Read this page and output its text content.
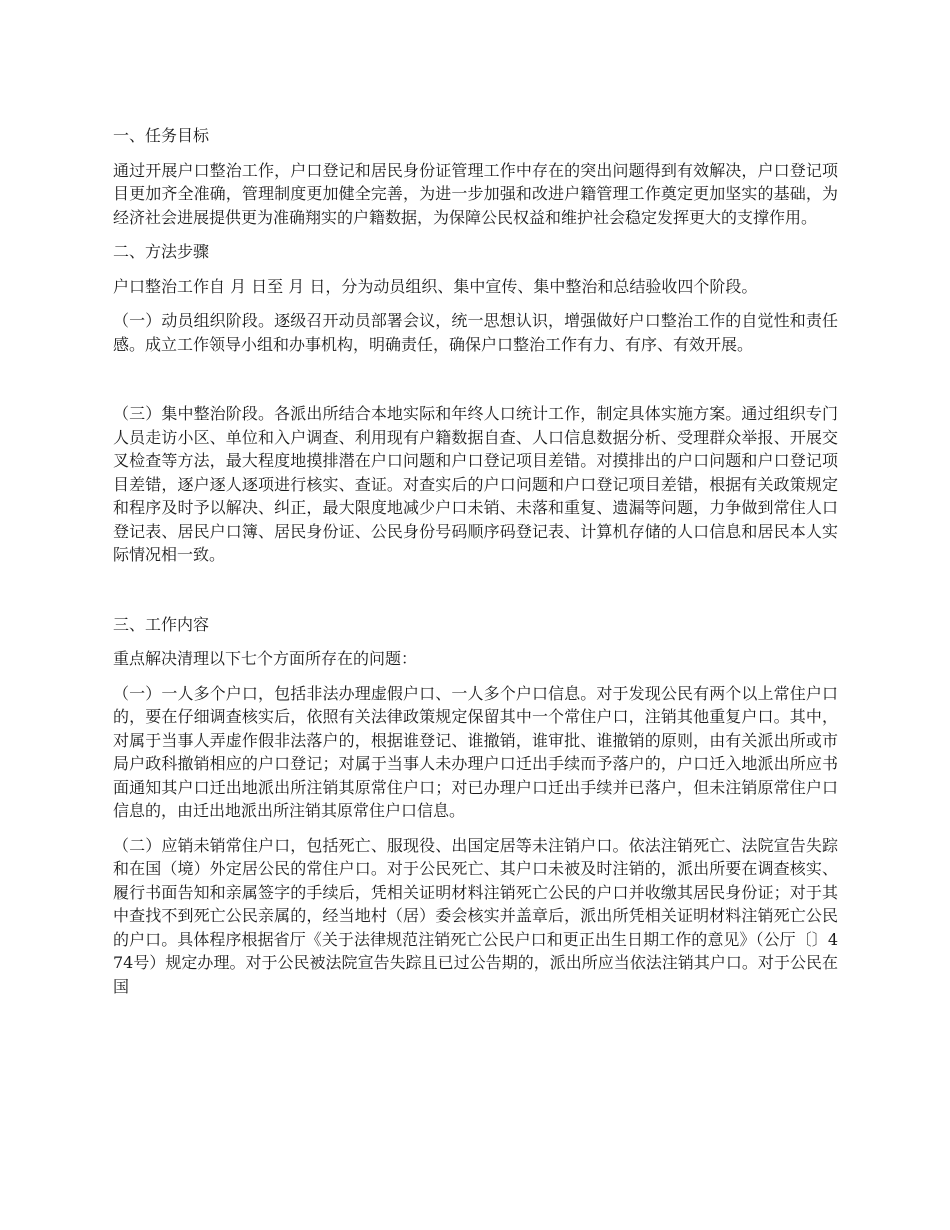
一、任务目标

通过开展户口整治工作，户口登记和居民身份证管理工作中存在的突出问题得到有效解决，户口登记项目更加齐全准确，管理制度更加健全完善，为进一步加强和改进户籍管理工作奠定更加坚实的基础，为经济社会进展提供更为准确翔实的户籍数据，为保障公民权益和维护社会稳定发挥更大的支撑作用。

二、方法步骤

户口整治工作自 月 日至 月 日，分为动员组织、集中宣传、集中整治和总结验收四个阶段。

（一）动员组织阶段。逐级召开动员部署会议，统一思想认识，增强做好户口整治工作的自觉性和责任感。成立工作领导小组和办事机构，明确责任，确保户口整治工作有力、有序、有效开展。

（三）集中整治阶段。各派出所结合本地实际和年终人口统计工作，制定具体实施方案。通过组织专门人员走访小区、单位和入户调查、利用现有户籍数据自查、人口信息数据分析、受理群众举报、开展交叉检查等方法，最大程度地摸排潜在户口问题和户口登记项目差错。对摸排出的户口问题和户口登记项目差错，逐户逐人逐项进行核实、查证。对查实后的户口问题和户口登记项目差错，根据有关政策规定和程序及时予以解决、纠正，最大限度地减少户口未销、未落和重复、遗漏等问题，力争做到常住人口登记表、居民户口簿、居民身份证、公民身份号码顺序码登记表、计算机存储的人口信息和居民本人实际情况相一致。

三、工作内容

重点解决清理以下七个方面所存在的问题：

（一）一人多个户口，包括非法办理虚假户口、一人多个户口信息。对于发现公民有两个以上常住户口的，要在仔细调查核实后，依照有关法律政策规定保留其中一个常住户口，注销其他重复户口。其中，对属于当事人弄虚作假非法落户的，根据谁登记、谁撤销，谁审批、谁撤销的原则，由有关派出所或市局户政科撤销相应的户口登记；对属于当事人未办理户口迁出手续而予落户的，户口迁入地派出所应书面通知其户口迁出地派出所注销其原常住户口；对已办理户口迁出手续并已落户，但未注销原常住户口信息的，由迁出地派出所注销其原常住户口信息。

（二）应销未销常住户口，包括死亡、服现役、出国定居等未注销户口。依法注销死亡、法院宣告失踪和在国（境）外定居公民的常住户口。对于公民死亡、其户口未被及时注销的，派出所要在调查核实、履行书面告知和亲属签字的手续后，凭相关证明材料注销死亡公民的户口并收缴其居民身份证；对于其中查找不到死亡公民亲属的，经当地村（居）委会核实并盖章后，派出所凭相关证明材料注销死亡公民的户口。具体程序根据省厅《关于法律规范注销死亡公民户口和更正出生日期工作的意见》（公厅〔〕474号）规定办理。对于公民被法院宣告失踪且已过公告期的，派出所应当依法注销其户口。对于公民在国
